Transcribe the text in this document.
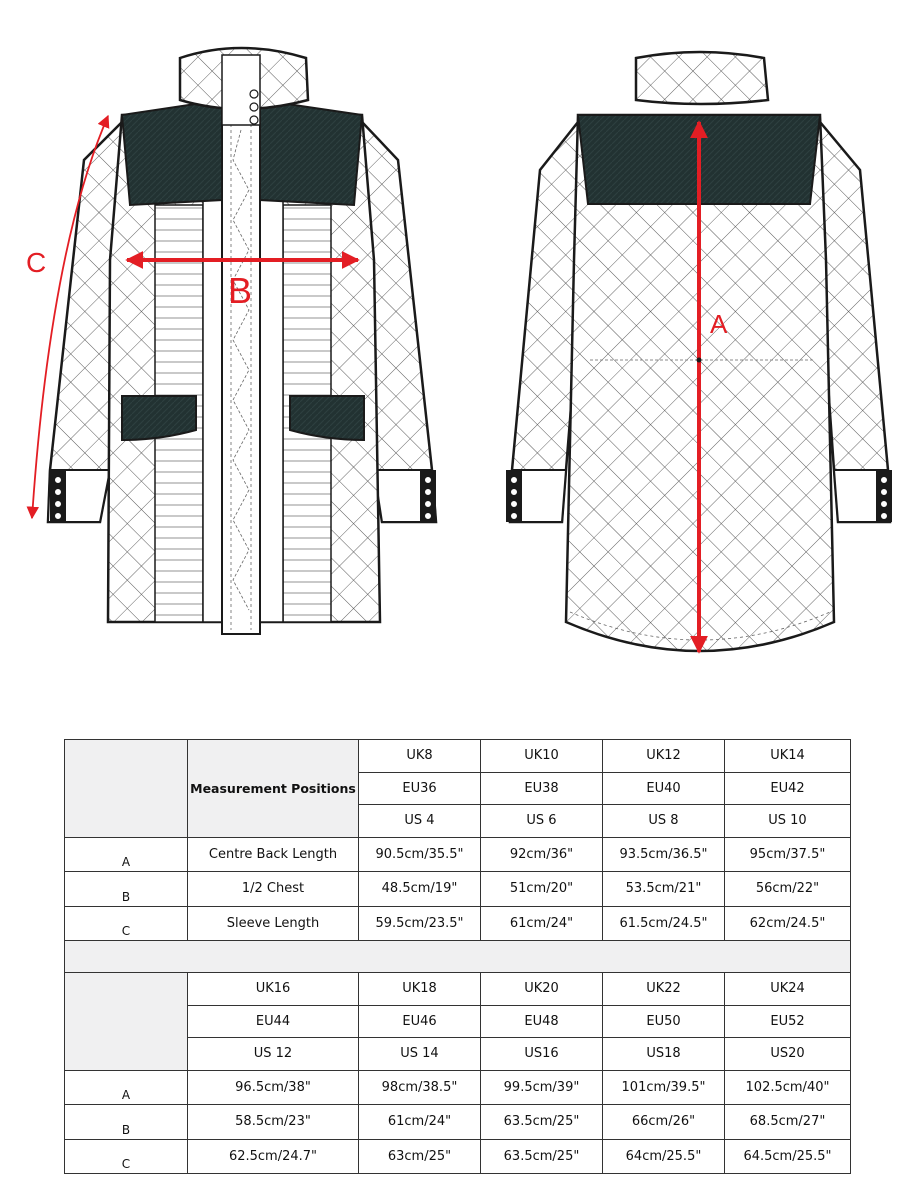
B
C
A
	Measurement Positions	UK8	UK10	UK12	UK14
		EU36	EU38	EU40	EU42
		US 4	US 6	US 8	US 10
A	Centre Back Length	90.5cm/35.5"	92cm/36"	93.5cm/36.5"	95cm/37.5"
B	1/2 Chest	48.5cm/19"	51cm/20"	53.5cm/21"	56cm/22"
C	Sleeve Length	59.5cm/23.5"	61cm/24"	61.5cm/24.5"	62cm/24.5"

	UK16	UK18	UK20	UK22	UK24
	EU44	EU46	EU48	EU50	EU52
	US 12	US 14	US16	US18	US20
A	96.5cm/38"	98cm/38.5"	99.5cm/39"	101cm/39.5"	102.5cm/40"
B	58.5cm/23"	61cm/24"	63.5cm/25"	66cm/26"	68.5cm/27"
C	62.5cm/24.7"	63cm/25"	63.5cm/25"	64cm/25.5"	64.5cm/25.5"
